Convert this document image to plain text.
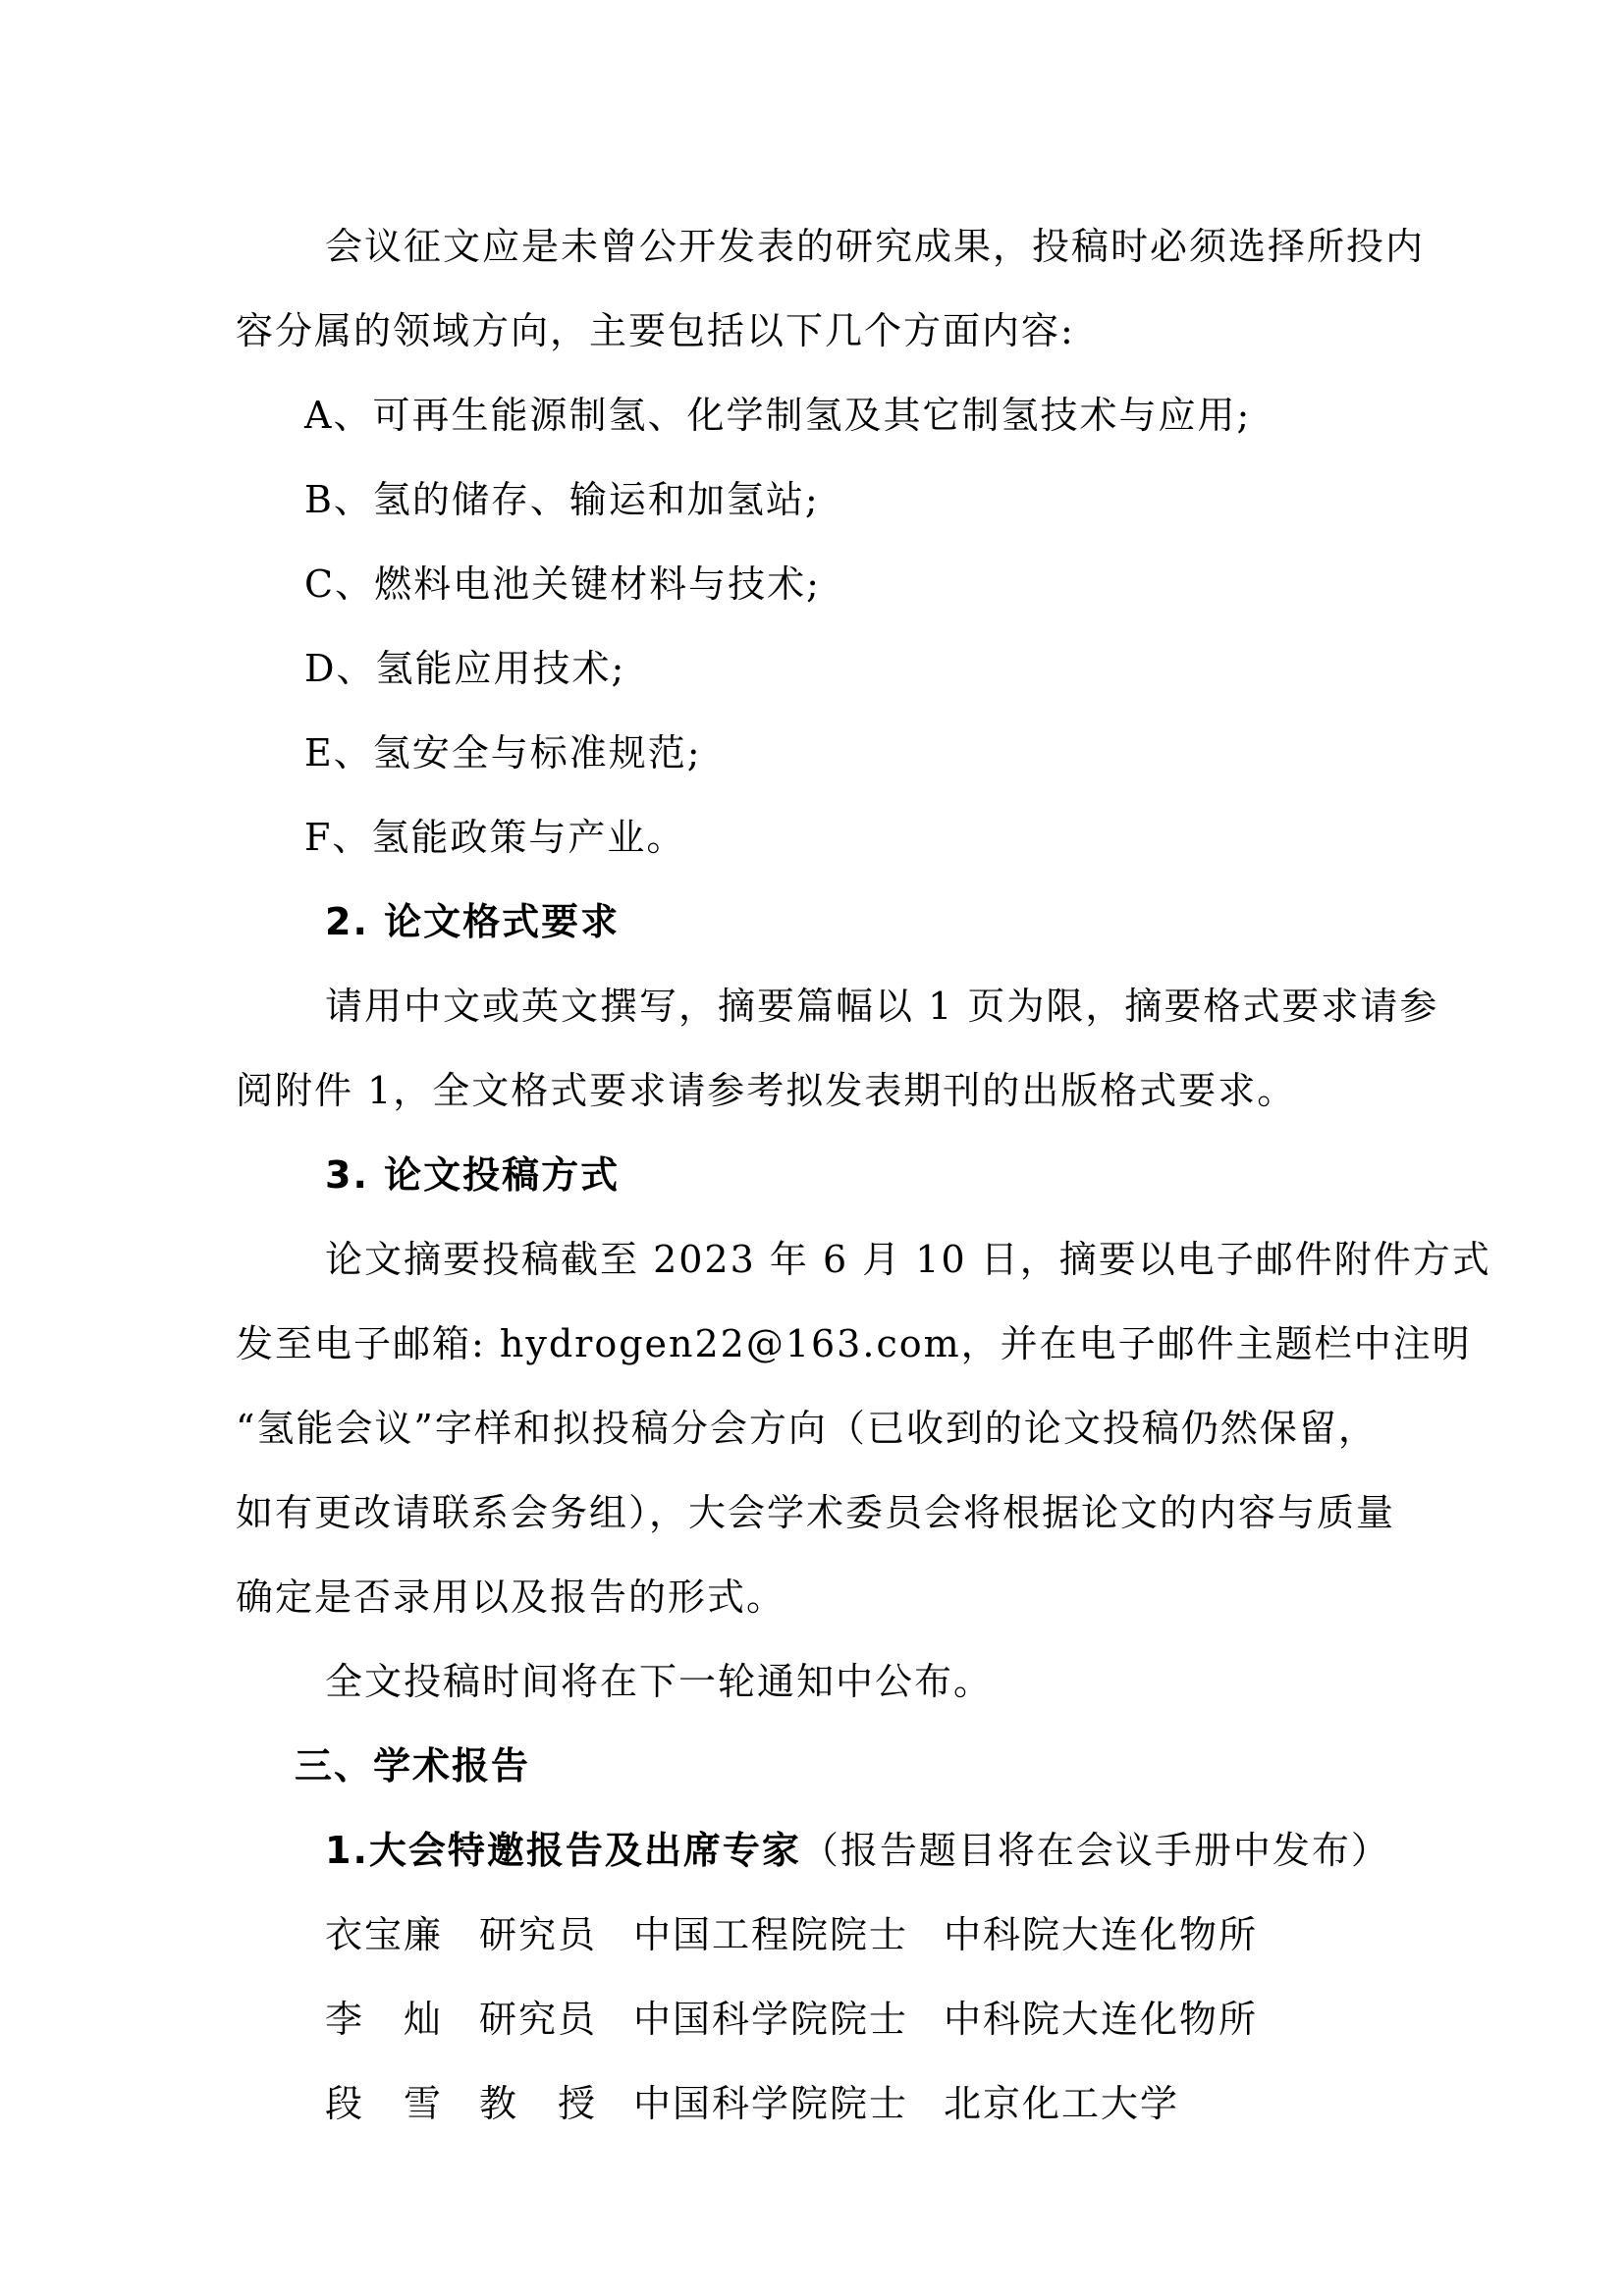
会议征文应是未曾公开发表的研究成果，投稿时必须选择所投内
容分属的领域方向，主要包括以下几个方面内容:
A、可再生能源制氢、化学制氢及其它制氢技术与应用;
B、氢的储存、输运和加氢站;
C、燃料电池关键材料与技术;
D、氢能应用技术;
E、氢安全与标准规范;
F、氢能政策与产业。
2. 论文格式要求
请用中文或英文撰写，摘要篇幅以 1 页为限，摘要格式要求请参
阅附件 1，全文格式要求请参考拟发表期刊的出版格式要求。
3. 论文投稿方式
论文摘要投稿截至 2023 年 6 月 10 日，摘要以电子邮件附件方式
发至电子邮箱: hydrogen22@163.com，并在电子邮件主题栏中注明
“氢能会议”字样和拟投稿分会方向（已收到的论文投稿仍然保留，
如有更改请联系会务组），大会学术委员会将根据论文的内容与质量
确定是否录用以及报告的形式。
全文投稿时间将在下一轮通知中公布。
三、学术报告
1.大会特邀报告及出席专家（报告题目将在会议手册中发布）
衣宝廉 研究员 中国工程院院士 中科院大连化物所
李　灿 研究员 中国科学院院士 中科院大连化物所
段　雪 教　授 中国科学院院士 北京化工大学
